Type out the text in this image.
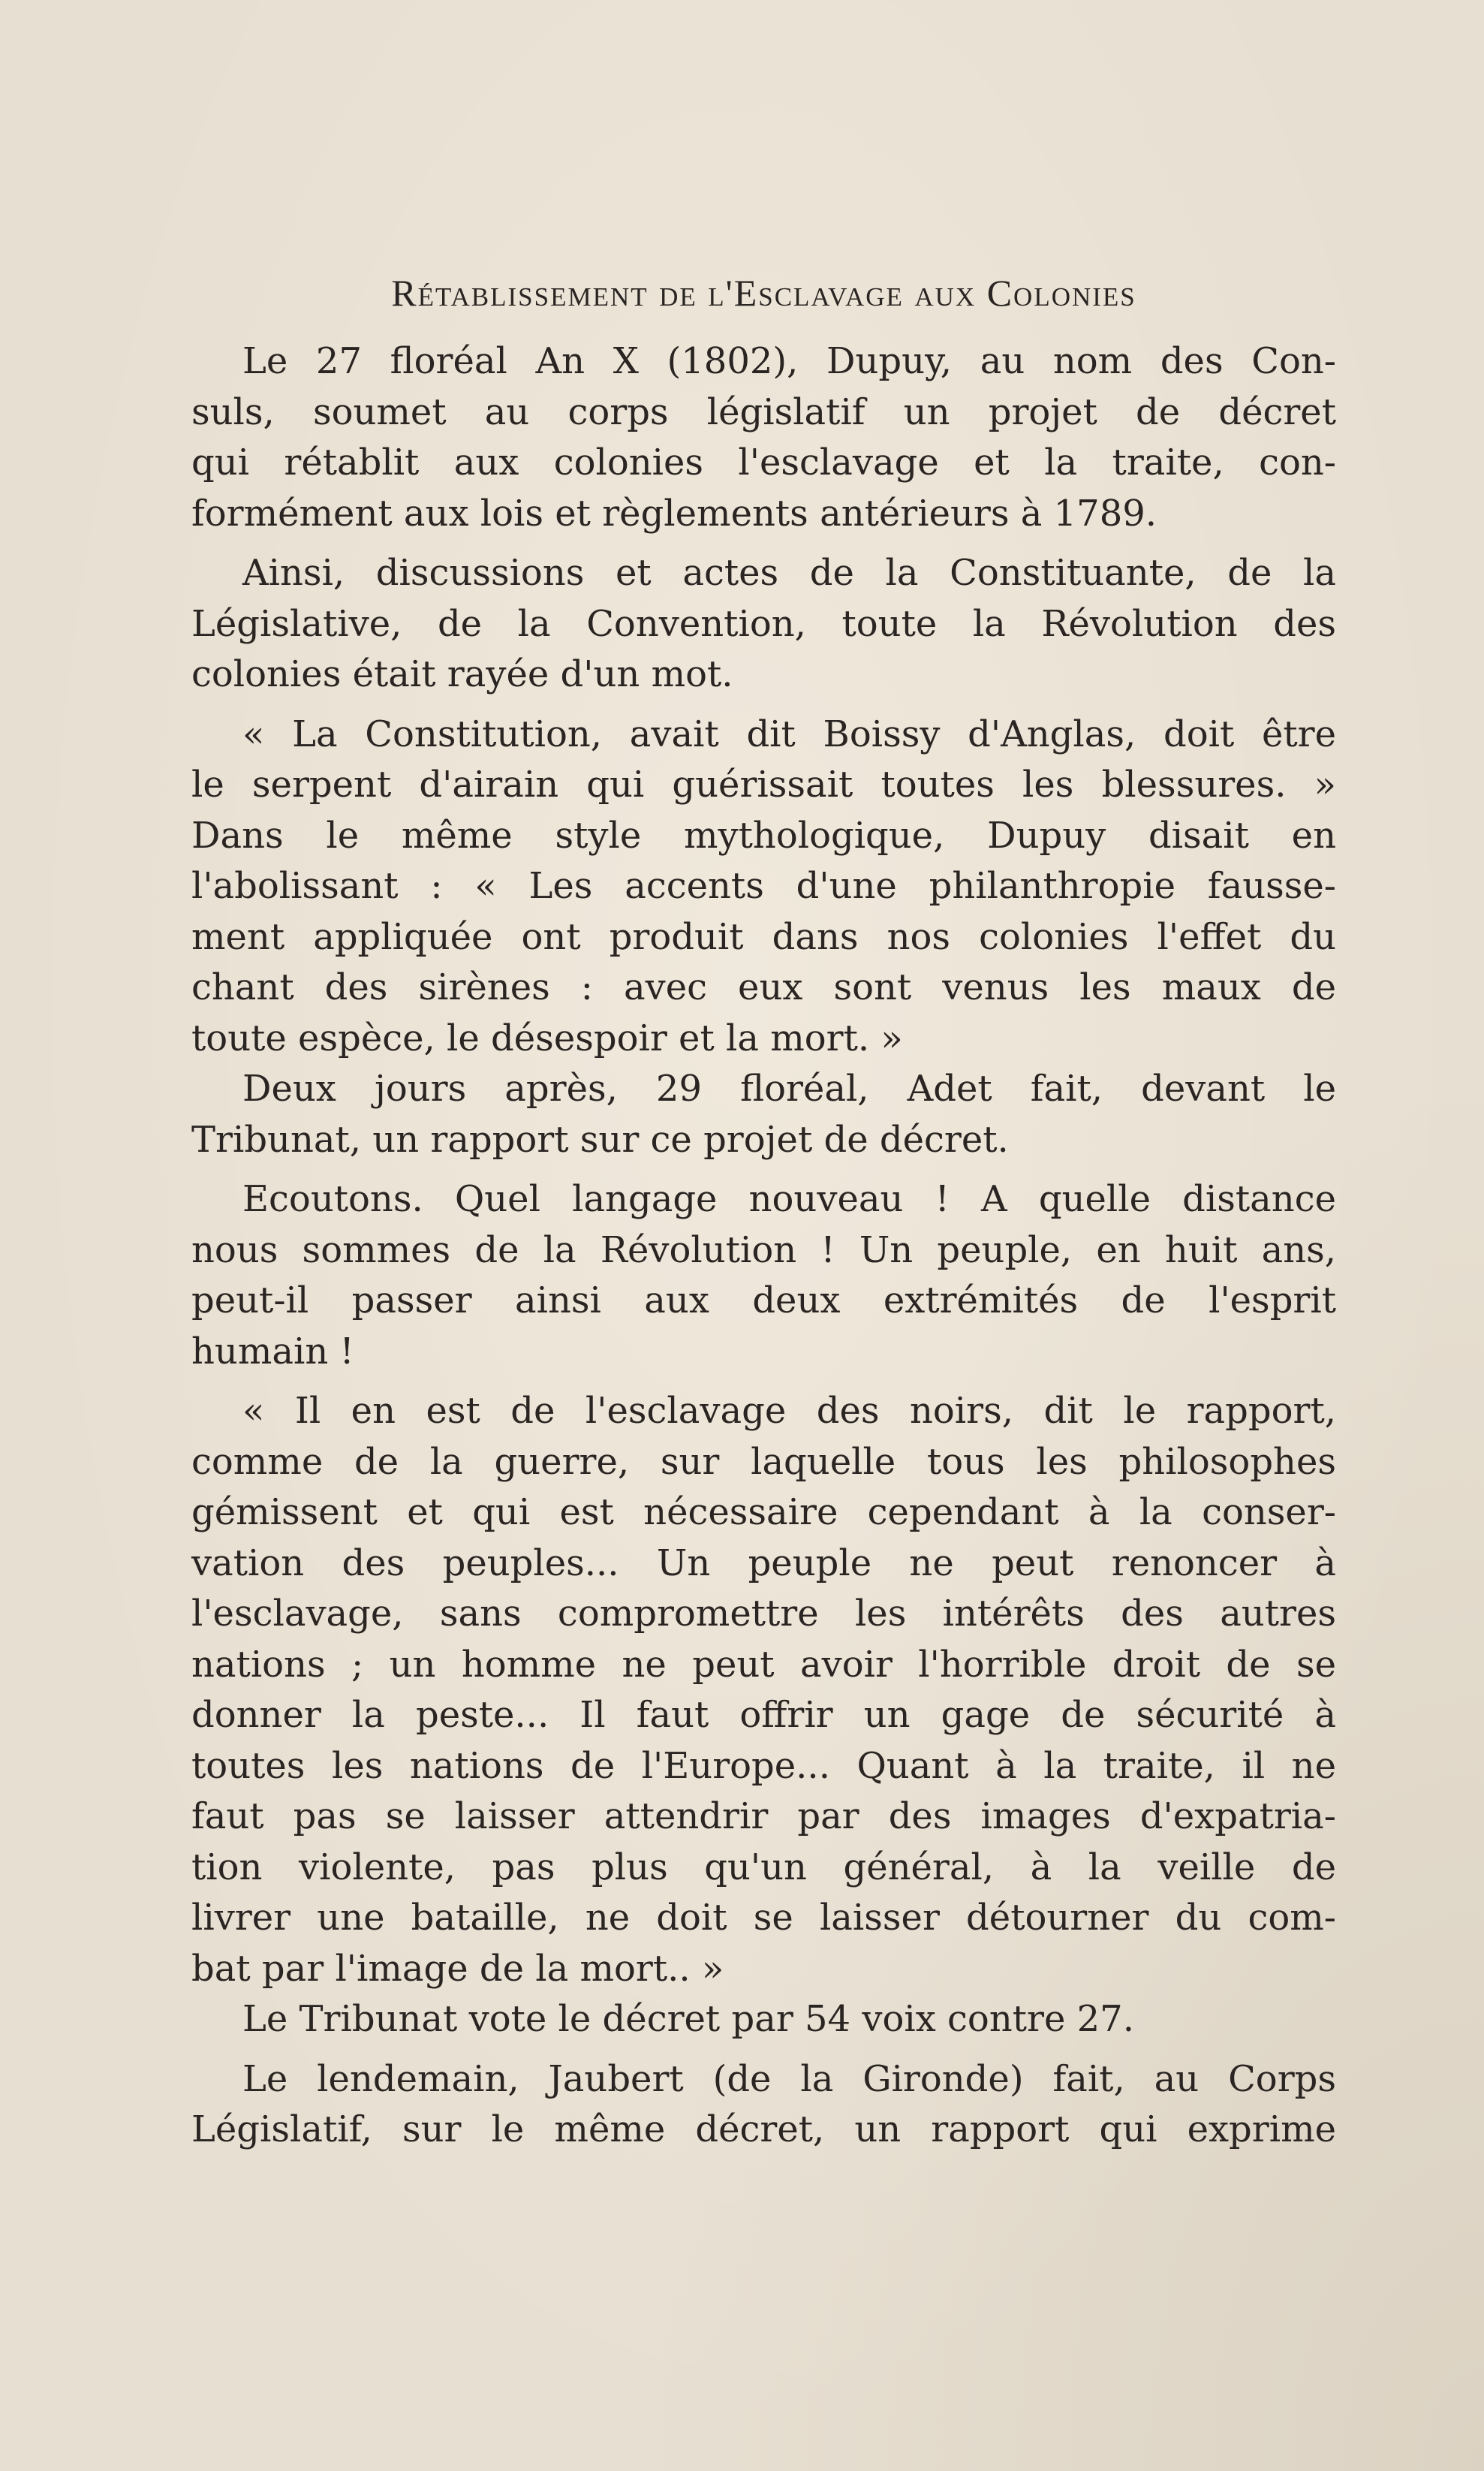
Rétablissement de l'Esclavage aux Colonies
Le 27 floréal An X (1802), Dupuy, au nom des Con-
suls, soumet au corps législatif un projet de décret
qui rétablit aux colonies l'esclavage et la traite, con-
formément aux lois et règlements antérieurs à 1789.
Ainsi, discussions et actes de la Constituante, de la
Législative, de la Convention, toute la Révolution des
colonies était rayée d'un mot.
« La Constitution, avait dit Boissy d'Anglas, doit être
le serpent d'airain qui guérissait toutes les blessures. »
Dans le même style mythologique, Dupuy disait en
l'abolissant : « Les accents d'une philanthropie fausse-
ment appliquée ont produit dans nos colonies l'effet du
chant des sirènes : avec eux sont venus les maux de
toute espèce, le désespoir et la mort. »
Deux jours après, 29 floréal, Adet fait, devant le
Tribunat, un rapport sur ce projet de décret.
Ecoutons. Quel langage nouveau ! A quelle distance
nous sommes de la Révolution ! Un peuple, en huit ans,
peut-il passer ainsi aux deux extrémités de l'esprit
humain !
« Il en est de l'esclavage des noirs, dit le rapport,
comme de la guerre, sur laquelle tous les philosophes
gémissent et qui est nécessaire cependant à la conser-
vation des peuples... Un peuple ne peut renoncer à
l'esclavage, sans compromettre les intérêts des autres
nations ; un homme ne peut avoir l'horrible droit de se
donner la peste... Il faut offrir un gage de sécurité à
toutes les nations de l'Europe... Quant à la traite, il ne
faut pas se laisser attendrir par des images d'expatria-
tion violente, pas plus qu'un général, à la veille de
livrer une bataille, ne doit se laisser détourner du com-
bat par l'image de la mort.. »
Le Tribunat vote le décret par 54 voix contre 27.
Le lendemain, Jaubert (de la Gironde) fait, au Corps
Législatif, sur le même décret, un rapport qui exprime
